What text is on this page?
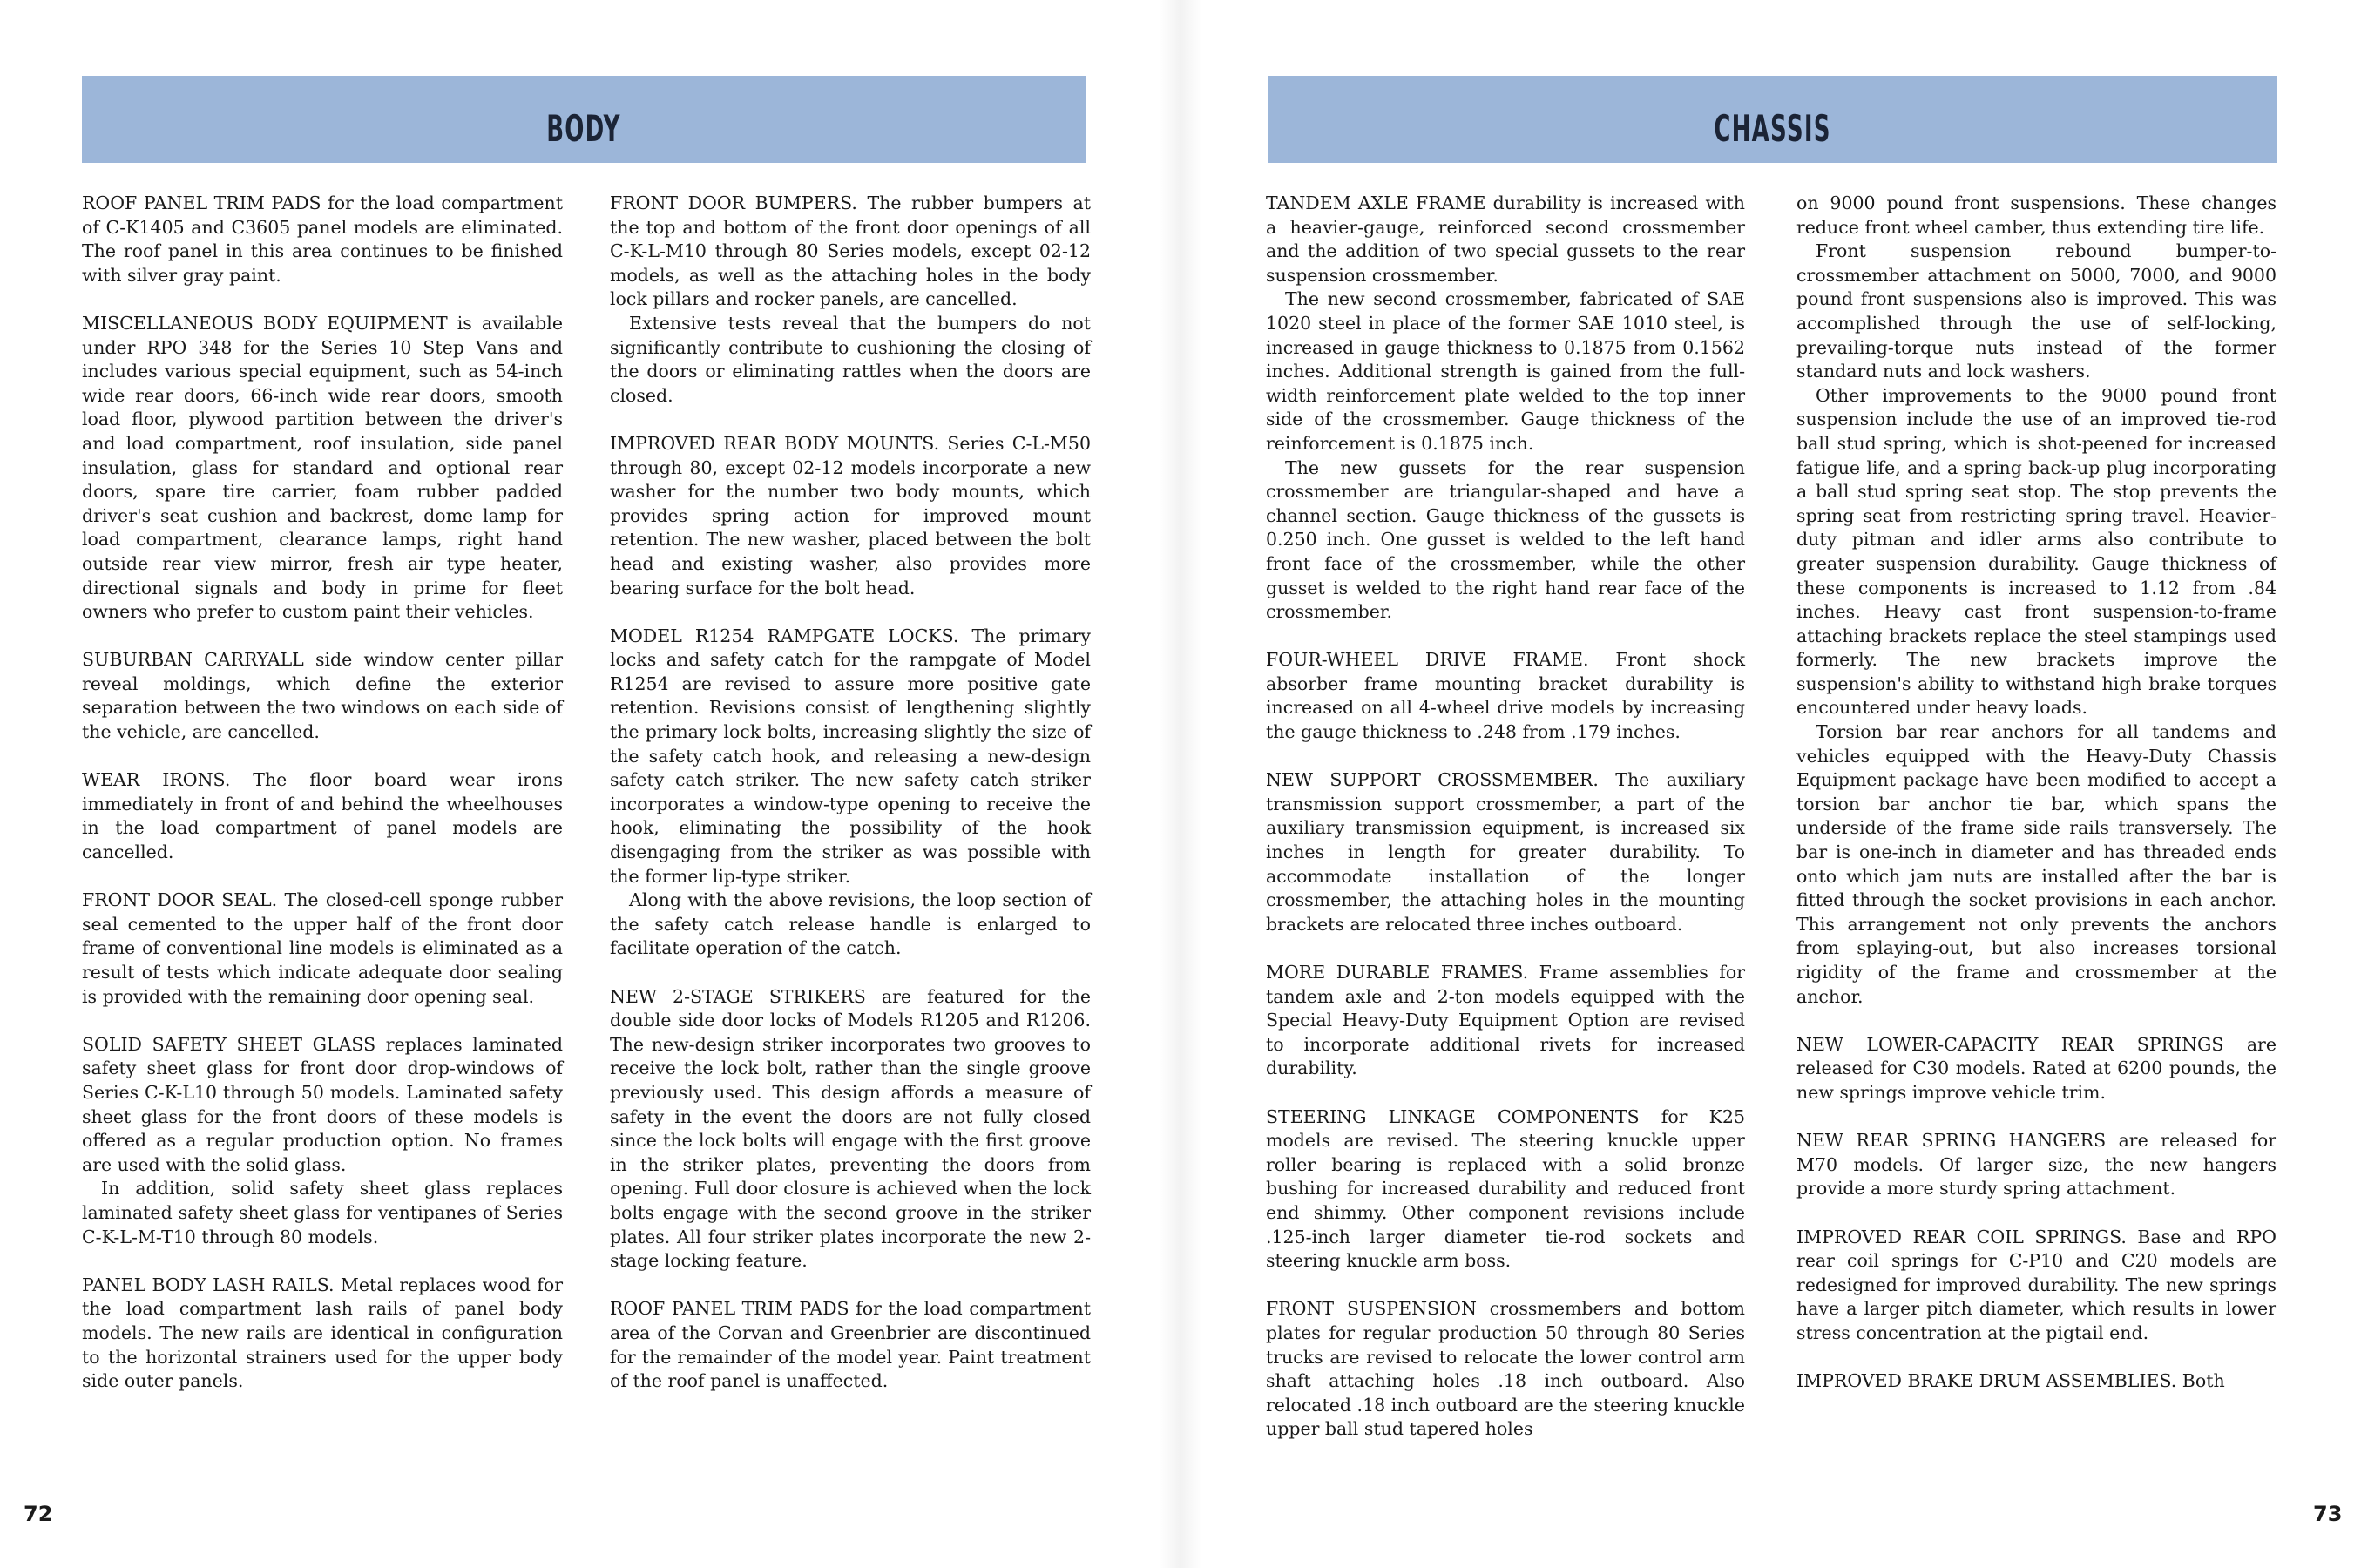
BODY

ROOF PANEL TRIM PADS for the load compartment of C-K1405 and C3605 panel models are eliminated. The roof panel in this area continues to be finished with silver gray paint.

MISCELLANEOUS BODY EQUIPMENT is available under RPO 348 for the Series 10 Step Vans and includes various special equipment, such as 54-inch wide rear doors, 66-inch wide rear doors, smooth load floor, plywood partition between the driver's and load compartment, roof insulation, side panel insulation, glass for standard and optional rear doors, spare tire carrier, foam rubber padded driver's seat cushion and backrest, dome lamp for load compartment, clearance lamps, right hand outside rear view mirror, fresh air type heater, directional signals and body in prime for fleet owners who prefer to custom paint their vehicles.

SUBURBAN CARRYALL side window center pillar reveal moldings, which define the exterior separation between the two windows on each side of the vehicle, are cancelled.

WEAR IRONS. The floor board wear irons immediately in front of and behind the wheelhouses in the load compartment of panel models are cancelled.

FRONT DOOR SEAL. The closed-cell sponge rubber seal cemented to the upper half of the front door frame of conventional line models is eliminated as a result of tests which indicate adequate door sealing is provided with the remaining door opening seal.

SOLID SAFETY SHEET GLASS replaces laminated safety sheet glass for front door drop-windows of Series C-K-L10 through 50 models. Laminated safety sheet glass for the front doors of these models is offered as a regular production option. No frames are used with the solid glass.

In addition, solid safety sheet glass replaces laminated safety sheet glass for ventipanes of Series C-K-L-M-T10 through 80 models.

PANEL BODY LASH RAILS. Metal replaces wood for the load compartment lash rails of panel body models. The new rails are identical in configuration to the horizontal strainers used for the upper body side outer panels.

FRONT DOOR BUMPERS. The rubber bumpers at the top and bottom of the front door openings of all C-K-L-M10 through 80 Series models, except 02-12 models, as well as the attaching holes in the body lock pillars and rocker panels, are cancelled.

Extensive tests reveal that the bumpers do not significantly contribute to cushioning the closing of the doors or eliminating rattles when the doors are closed.

IMPROVED REAR BODY MOUNTS. Series C-L-M50 through 80, except 02-12 models incorporate a new washer for the number two body mounts, which provides spring action for improved mount retention. The new washer, placed between the bolt head and existing washer, also provides more bearing surface for the bolt head.

MODEL R1254 RAMPGATE LOCKS. The primary locks and safety catch for the rampgate of Model R1254 are revised to assure more positive gate retention. Revisions consist of lengthening slightly the primary lock bolts, increasing slightly the size of the safety catch hook, and releasing a new-design safety catch striker. The new safety catch striker incorporates a window-type opening to receive the hook, eliminating the possibility of the hook disengaging from the striker as was possible with the former lip-type striker.

Along with the above revisions, the loop section of the safety catch release handle is enlarged to facilitate operation of the catch.

NEW 2-STAGE STRIKERS are featured for the double side door locks of Models R1205 and R1206. The new-design striker incorporates two grooves to receive the lock bolt, rather than the single groove previously used. This design affords a measure of safety in the event the doors are not fully closed since the lock bolts will engage with the first groove in the striker plates, preventing the doors from opening. Full door closure is achieved when the lock bolts engage with the second groove in the striker plates. All four striker plates incorporate the new 2-stage locking feature.

ROOF PANEL TRIM PADS for the load compartment area of the Corvan and Greenbrier are discontinued for the remainder of the model year. Paint treatment of the roof panel is unaffected.

72
CHASSIS

TANDEM AXLE FRAME durability is increased with a heavier-gauge, reinforced second crossmember and the addition of two special gussets to the rear suspension crossmember.

The new second crossmember, fabricated of SAE 1020 steel in place of the former SAE 1010 steel, is increased in gauge thickness to 0.1875 from 0.1562 inches. Additional strength is gained from the full-width reinforcement plate welded to the top inner side of the crossmember. Gauge thickness of the reinforcement is 0.1875 inch.

The new gussets for the rear suspension crossmember are triangular-shaped and have a channel section. Gauge thickness of the gussets is 0.250 inch. One gusset is welded to the left hand front face of the crossmember, while the other gusset is welded to the right hand rear face of the crossmember.

FOUR-WHEEL DRIVE FRAME. Front shock absorber frame mounting bracket durability is increased on all 4-wheel drive models by increasing the gauge thickness to .248 from .179 inches.

NEW SUPPORT CROSSMEMBER. The auxiliary transmission support crossmember, a part of the auxiliary transmission equipment, is increased six inches in length for greater durability. To accommodate installation of the longer crossmember, the attaching holes in the mounting brackets are relocated three inches outboard.

MORE DURABLE FRAMES. Frame assemblies for tandem axle and 2-ton models equipped with the Special Heavy-Duty Equipment Option are revised to incorporate additional rivets for increased durability.

STEERING LINKAGE COMPONENTS for K25 models are revised. The steering knuckle upper roller bearing is replaced with a solid bronze bushing for increased durability and reduced front end shimmy. Other component revisions include .125-inch larger diameter tie-rod sockets and steering knuckle arm boss.

FRONT SUSPENSION crossmembers and bottom plates for regular production 50 through 80 Series trucks are revised to relocate the lower control arm shaft attaching holes .18 inch outboard. Also relocated .18 inch outboard are the steering knuckle upper ball stud tapered holes

on 9000 pound front suspensions. These changes reduce front wheel camber, thus extending tire life.

Front suspension rebound bumper-to-crossmember attachment on 5000, 7000, and 9000 pound front suspensions also is improved. This was accomplished through the use of self-locking, prevailing-torque nuts instead of the former standard nuts and lock washers.

Other improvements to the 9000 pound front suspension include the use of an improved tie-rod ball stud spring, which is shot-peened for increased fatigue life, and a spring back-up plug incorporating a ball stud spring seat stop. The stop prevents the spring seat from restricting spring travel. Heavier-duty pitman and idler arms also contribute to greater suspension durability. Gauge thickness of these components is increased to 1.12 from .84 inches. Heavy cast front suspension-to-frame attaching brackets replace the steel stampings used formerly. The new brackets improve the suspension's ability to withstand high brake torques encountered under heavy loads.

Torsion bar rear anchors for all tandems and vehicles equipped with the Heavy-Duty Chassis Equipment package have been modified to accept a torsion bar anchor tie bar, which spans the underside of the frame side rails transversely. The bar is one-inch in diameter and has threaded ends onto which jam nuts are installed after the bar is fitted through the socket provisions in each anchor. This arrangement not only prevents the anchors from splaying-out, but also increases torsional rigidity of the frame and crossmember at the anchor.

NEW LOWER-CAPACITY REAR SPRINGS are released for C30 models. Rated at 6200 pounds, the new springs improve vehicle trim.

NEW REAR SPRING HANGERS are released for M70 models. Of larger size, the new hangers provide a more sturdy spring attachment.

IMPROVED REAR COIL SPRINGS. Base and RPO rear coil springs for C-P10 and C20 models are redesigned for improved durability. The new springs have a larger pitch diameter, which results in lower stress concentration at the pigtail end.

IMPROVED BRAKE DRUM ASSEMBLIES. Both

73
